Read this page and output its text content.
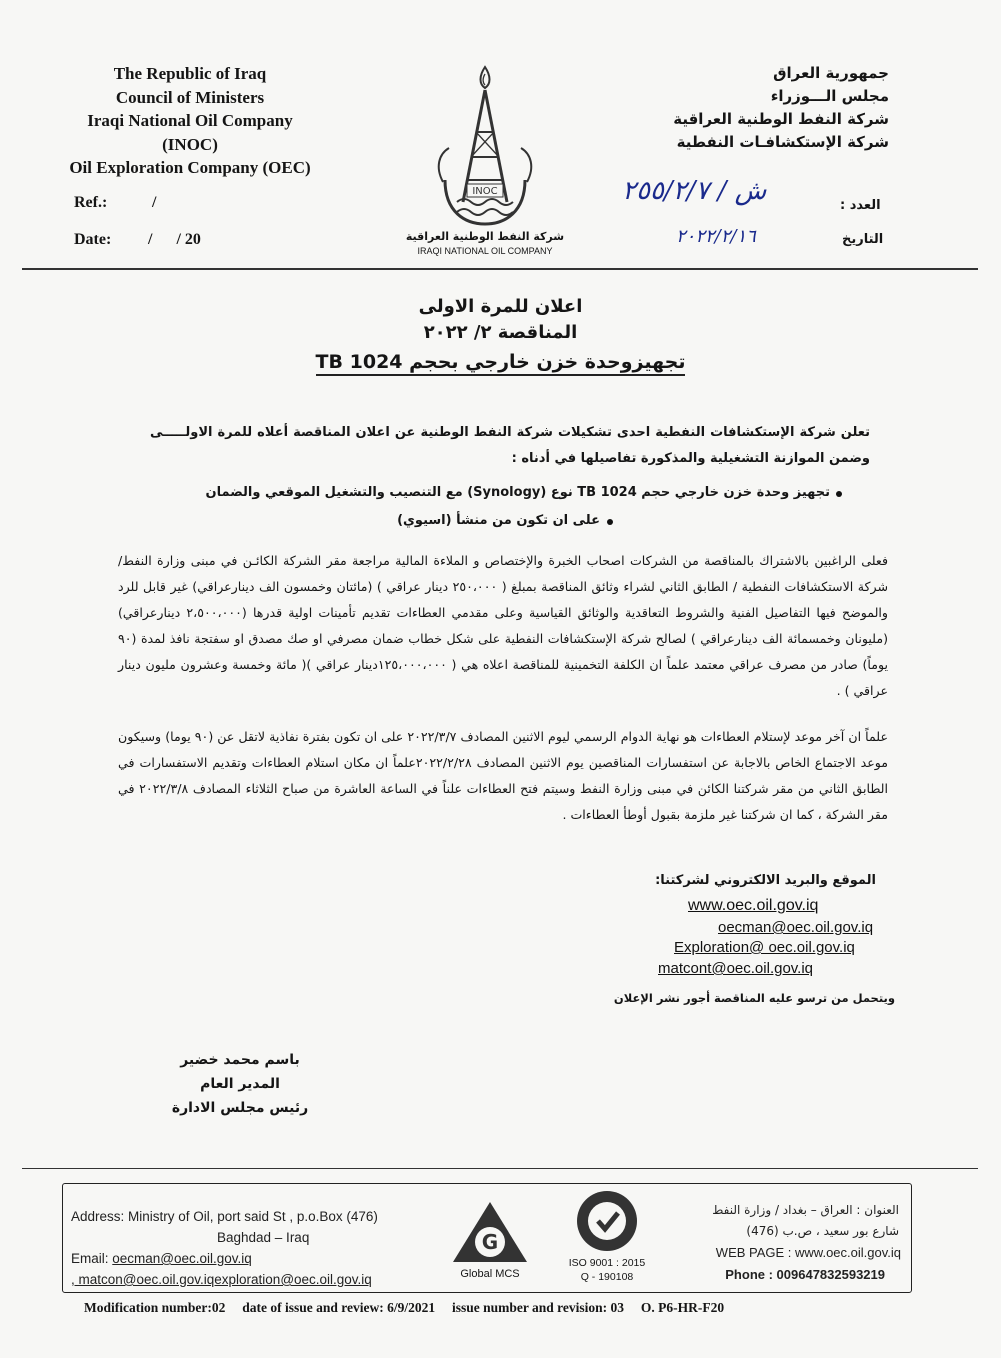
The Republic of Iraq
Council of Ministers
Iraqi National Oil Company
(INOC)
Oil Exploration Company (OEC)
Ref.:	/
Date: /      / 20
INOC
شركة النفط الوطنية العراقية
IRAQI NATIONAL OIL COMPANY
جمهورية العراق
مجلس الـــوزراء
شركة النفط الوطنية العراقية
شركة الإستكشافـات النفطية
العدد :
ش / ٢٥٥/٢/٧
التاريخ
٢٠٢٢/٢/١٦
اعلان للمرة الاولى
المناقصة ٢/ ٢٠٢٢
تجهيزوحدة خزن خارجي بحجم 1024 TB
تعلن شركة الإستكشافات النفطية احدى تشكيلات شركة النفط الوطنية عن اعلان المناقصة أعلاه للمرة الاولـــــى وضمن الموازنة التشغيلية والمذكورة تفاصيلها في أدناه :
تجهيز وحدة خزن خارجي حجم 1024 TB نوع (Synology) مع التنصيب والتشغيل الموقعي والضمان
على ان تكون من منشأ (اسيوي)
فعلى الراغبين بالاشتراك بالمناقصة من الشركات اصحاب الخبرة والإختصاص و الملاءة المالية مراجعة مقر الشركة الكائـن في مبنى وزارة النفط/ شركة الاستكشافات النفطية / الطابق الثاني لشراء وثائق المناقصة بمبلغ ( ٢٥٠،٠٠٠ دينار عراقي ) (مائتان وخمسون الف دينارعراقي) غير قابل للرد والموضح فيها التفاصيل الفنية والشروط التعاقدية والوثائق القياسية وعلى مقدمي العطاءات تقديم تأمينات اولية قدرها (٢،٥٠٠،٠٠٠ دينارعراقي) (مليونان وخمسمائة الف دينارعراقي ) لصالح شركة الإستكشافات النفطية على شكل خطاب ضمان مصرفي او صك مصدق او سفتجة نافذ لمدة (٩٠ يوماً) صادر من مصرف عراقي معتمد علماً ان الكلفة التخمينية للمناقصة اعلاه هي ( ١٢٥،٠٠٠،٠٠٠دينار عراقي )( مائة وخمسة وعشرون مليون دينار عراقي ) .
علماً ان آخر موعد لإستلام العطاءات هو نهاية الدوام الرسمي ليوم الاثنين المصادف ٢٠٢٢/٣/٧ على ان تكون بفترة نفاذية لاتقل عن (٩٠ يوما) وسيكون موعد الاجتماع الخاص بالاجابة عن استفسارات المناقصين يوم الاثنين المصادف ٢٠٢٢/٢/٢٨علماً ان مكان استلام العطاءات وتقديم الاستفسارات في الطابق الثاني من مقر شركتنا الكائن في مبنى وزارة النفط وسيتم فتح العطاءات علناً في الساعة العاشرة من صباح الثلاثاء المصادف ٢٠٢٢/٣/٨ في مقر الشركة ، كما ان شركتنا غير ملزمة بقبول أوطأ العطاءات .
الموقع والبريد الالكتروني لشركتنا:
www.oec.oil.gov.iq
oecman@oec.oil.gov.iq
Exploration@ oec.oil.gov.iq
matcont@oec.oil.gov.iq
ويتحمل من ترسو عليه المناقصة أجور نشر الإعلان
باسم محمد خضير
المدير العام
رئيس مجلس الادارة
Address: Ministry of Oil, port said St , p.o.Box (476)
Baghdad – Iraq
Email: oecman@oec.oil.gov.iq
, matcon@oec.oil.gov.iqexploration@oec.oil.gov.iq
G
Global MCS
ISO 9001 : 2015
Q - 190108
العنوان : العراق – بغداد / وزارة النفط
شارع بور سعيد ، ص.ب (476)
WEB PAGE : www.oec.oil.gov.iq
Phone : 009647832593219
Modification number:02     date of issue and review: 6/9/2021     issue number and revision: 03     O. P6-HR-F20
